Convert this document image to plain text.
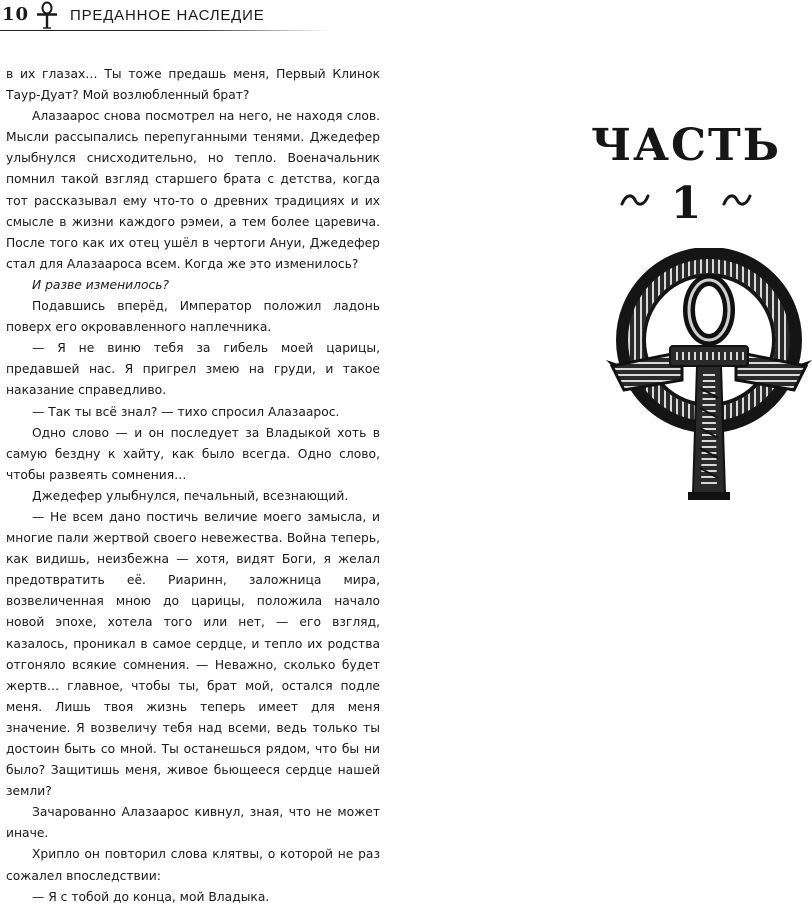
10	ПРЕДАННОЕ НАСЛЕДИЕ

в их глазах… Ты тоже предашь меня, Первый Клинок Таур-Дуат? Мой возлюбленный брат?

Алазаарос снова посмотрел на него, не находя слов. Мысли рассыпались перепуганными тенями. Джедефер улыбнулся снисходительно, но тепло. Военачальник помнил такой взгляд старшего брата с детства, когда тот рассказывал ему что-то о древних традициях и их смысле в жизни каждого рэмеи, а тем более царевича. После того как их отец ушёл в чертоги Ануи, Джедефер стал для Алазаароса всем. Когда же это изменилось?

И разве изменилось?

Подавшись вперёд, Император положил ладонь поверх его окровавленного наплечника.

— Я не виню тебя за гибель моей царицы, предавшей нас. Я пригрел змею на груди, и такое наказание справедливо.

— Так ты всё знал? — тихо спросил Алазаарос.

Одно слово — и он последует за Владыкой хоть в самую бездну к хайту, как было всегда. Одно слово, чтобы развеять сомнения…

Джедефер улыбнулся, печальный, всезнающий.

— Не всем дано постичь величие моего замысла, и многие пали жертвой своего невежества. Война теперь, как видишь, неизбежна — хотя, видят Боги, я желал предотвратить её. Риаринн, заложница мира, возвеличенная мною до царицы, положила начало новой эпохе, хотела того или нет, — его взгляд, казалось, проникал в самое сердце, и тепло их родства отгоняло всякие сомнения. — Неважно, сколько будет жертв… главное, чтобы ты, брат мой, остался подле меня. Лишь твоя жизнь теперь имеет для меня значение. Я возвеличу тебя над всеми, ведь только ты достоин быть со мной. Ты останешься рядом, что бы ни было? Защитишь меня, живое бьющееся сердце нашей земли?

Зачарованно Алазаарос кивнул, зная, что не может иначе.

Хрипло он повторил слова клятвы, о которой не раз сожалел впоследствии:

— Я с тобой до конца, мой Владыка.

ЧАСТЬ
1
